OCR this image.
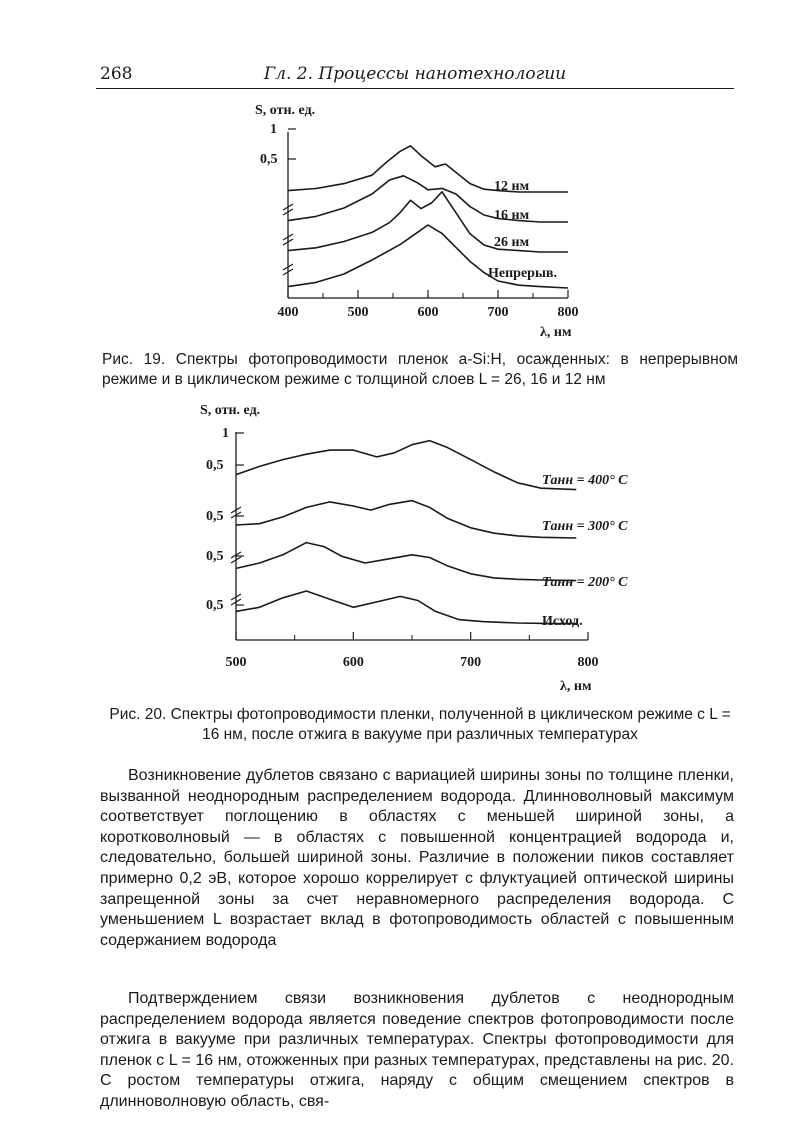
268	Гл. 2. Процессы нанотехнологии
400	500	600	700	800
1
0,5
S, отн. ед.
λ, нм
12 нм
16 нм
26 нм
Непрерыв.
Рис. 19. Спектры фотопроводимости пленок a-Si:H, осажденных: в непрерывном режиме и в циклическом режиме с толщиной слоев L = 26, 16 и 12 нм
500	600	700	800
1
0,5
0,5
0,5
0,5
S, отн. ед.
λ, нм
Tанн = 400° C
Tанн = 300° C
Tанн = 200° C
Исход.
Рис. 20. Спектры фотопроводимости пленки, полученной в циклическом режиме с L = 16 нм, после отжига в вакууме при различных температурах
Возникновение дублетов связано с вариацией ширины зоны по толщине пленки, вызванной неоднородным распределением водорода. Длинноволновый максимум соответствует поглощению в областях с меньшей шириной зоны, а коротковолновый — в областях с повышенной концентрацией водорода и, следовательно, большей шириной зоны. Различие в положении пиков составляет примерно 0,2 эВ, которое хорошо коррелирует с флуктуацией оптической ширины запрещенной зоны за счет неравномерного распределения водорода. С уменьшением L возрастает вклад в фотопроводимость областей с повышенным содержанием водорода
Подтверждением связи возникновения дублетов с неоднородным распределением водорода является поведение спектров фотопроводимости после отжига в вакууме при различных температурах. Спектры фотопроводимости для пленок с L = 16 нм, отожженных при разных температурах, представлены на рис. 20. С ростом температуры отжига, наряду с общим смещением спектров в длинноволновую область, свя-
